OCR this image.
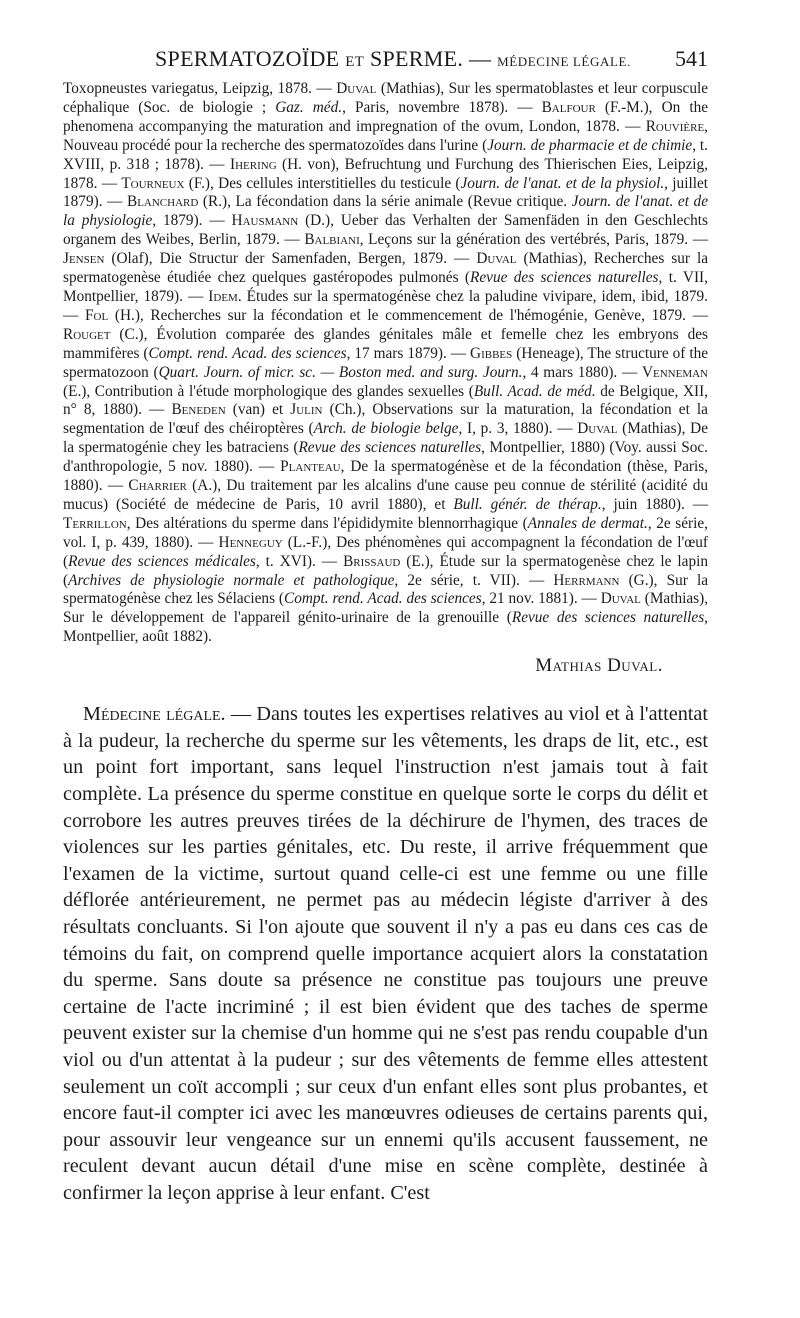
SPERMATOZOÏDE ET SPERME. — MÉDECINE LÉGALE. 541

Toxopneustes variegatus, Leipzig, 1878. — Duval (Mathias), Sur les spermatoblastes et leur corpuscule céphalique (Soc. de biologie ; Gaz. méd., Paris, novembre 1878). — Balfour (F.-M.), On the phenomena accompanying the maturation and impregnation of the ovum, London, 1878. — Rouvière, Nouveau procédé pour la recherche des spermatozoïdes dans l'urine (Journ. de pharmacie et de chimie, t. XVIII, p. 318 ; 1878). — Ihering (H. von), Befruchtung und Furchung des Thierischen Eies, Leipzig, 1878. — Tourneux (F.), Des cellules interstitielles du testicule (Journ. de l'anat. et de la physiol., juillet 1879). — Blanchard (R.), La fécondation dans la série animale (Revue critique. Journ. de l'anat. et de la physiologie, 1879). — Hausmann (D.), Ueber das Verhalten der Samenfäden in den Geschlechts organem des Weibes, Berlin, 1879. — Balbiani, Leçons sur la génération des vertébrés, Paris, 1879. — Jensen (Olaf), Die Structur der Samenfaden, Bergen, 1879. — Duval (Mathias), Recherches sur la spermatogenèse étudiée chez quelques gastéropodes pulmonés (Revue des sciences naturelles, t. VII, Montpellier, 1879). — Idem. Études sur la spermatogénèse chez la paludine vivipare, idem, ibid, 1879. — Fol (H.), Recherches sur la fécondation et le commencement de l'hémogénie, Genève, 1879. — Rouget (C.), Évolution comparée des glandes génitales mâle et femelle chez les embryons des mammifères (Compt. rend. Acad. des sciences, 17 mars 1879). — Gibbes (Heneage), The structure of the spermatozoon (Quart. Journ. of micr. sc. — Boston med. and surg. Journ., 4 mars 1880). — Venneman (E.), Contribution à l'étude morphologique des glandes sexuelles (Bull. Acad. de méd. de Belgique, XII, n° 8, 1880). — Beneden (van) et Julin (Ch.), Observations sur la maturation, la fécondation et la segmentation de l'œuf des chéiroptères (Arch. de biologie belge, I, p. 3, 1880). — Duval (Mathias), De la spermatogénie chey les batraciens (Revue des sciences naturelles, Montpellier, 1880) (Voy. aussi Soc. d'anthropologie, 5 nov. 1880). — Planteau, De la spermatogénèse et de la fécondation (thèse, Paris, 1880). — Charrier (A.), Du traitement par les alcalins d'une cause peu connue de stérilité (acidité du mucus) (Société de médecine de Paris, 10 avril 1880), et Bull. génér. de thérap., juin 1880). — Terrillon, Des altérations du sperme dans l'épididymite blennorrhagique (Annales de dermat., 2e série, vol. I, p. 439, 1880). — Henneguy (L.-F.), Des phénomènes qui accompagnent la fécondation de l'œuf (Revue des sciences médicales, t. XVI). — Brissaud (E.), Étude sur la spermatogenèse chez le lapin (Archives de physiologie normale et pathologique, 2e série, t. VII). — Herrmann (G.), Sur la spermatogénèse chez les Sélaciens (Compt. rend. Acad. des sciences, 21 nov. 1881). — Duval (Mathias), Sur le développement de l'appareil génito-urinaire de la grenouille (Revue des sciences naturelles, Montpellier, août 1882).

Mathias Duval.

Médecine légale. — Dans toutes les expertises relatives au viol et à l'attentat à la pudeur, la recherche du sperme sur les vêtements, les draps de lit, etc., est un point fort important, sans lequel l'instruction n'est jamais tout à fait complète. La présence du sperme constitue en quelque sorte le corps du délit et corrobore les autres preuves tirées de la déchirure de l'hymen, des traces de violences sur les parties génitales, etc. Du reste, il arrive fréquemment que l'examen de la victime, surtout quand celle-ci est une femme ou une fille déflorée antérieurement, ne permet pas au médecin légiste d'arriver à des résultats concluants. Si l'on ajoute que souvent il n'y a pas eu dans ces cas de témoins du fait, on comprend quelle importance acquiert alors la constatation du sperme. Sans doute sa présence ne constitue pas toujours une preuve certaine de l'acte incriminé ; il est bien évident que des taches de sperme peuvent exister sur la chemise d'un homme qui ne s'est pas rendu coupable d'un viol ou d'un attentat à la pudeur ; sur des vêtements de femme elles attestent seulement un coït accompli ; sur ceux d'un enfant elles sont plus probantes, et encore faut-il compter ici avec les manœuvres odieuses de certains parents qui, pour assouvir leur vengeance sur un ennemi qu'ils accusent faussement, ne reculent devant aucun détail d'une mise en scène complète, destinée à confirmer la leçon apprise à leur enfant. C'est
